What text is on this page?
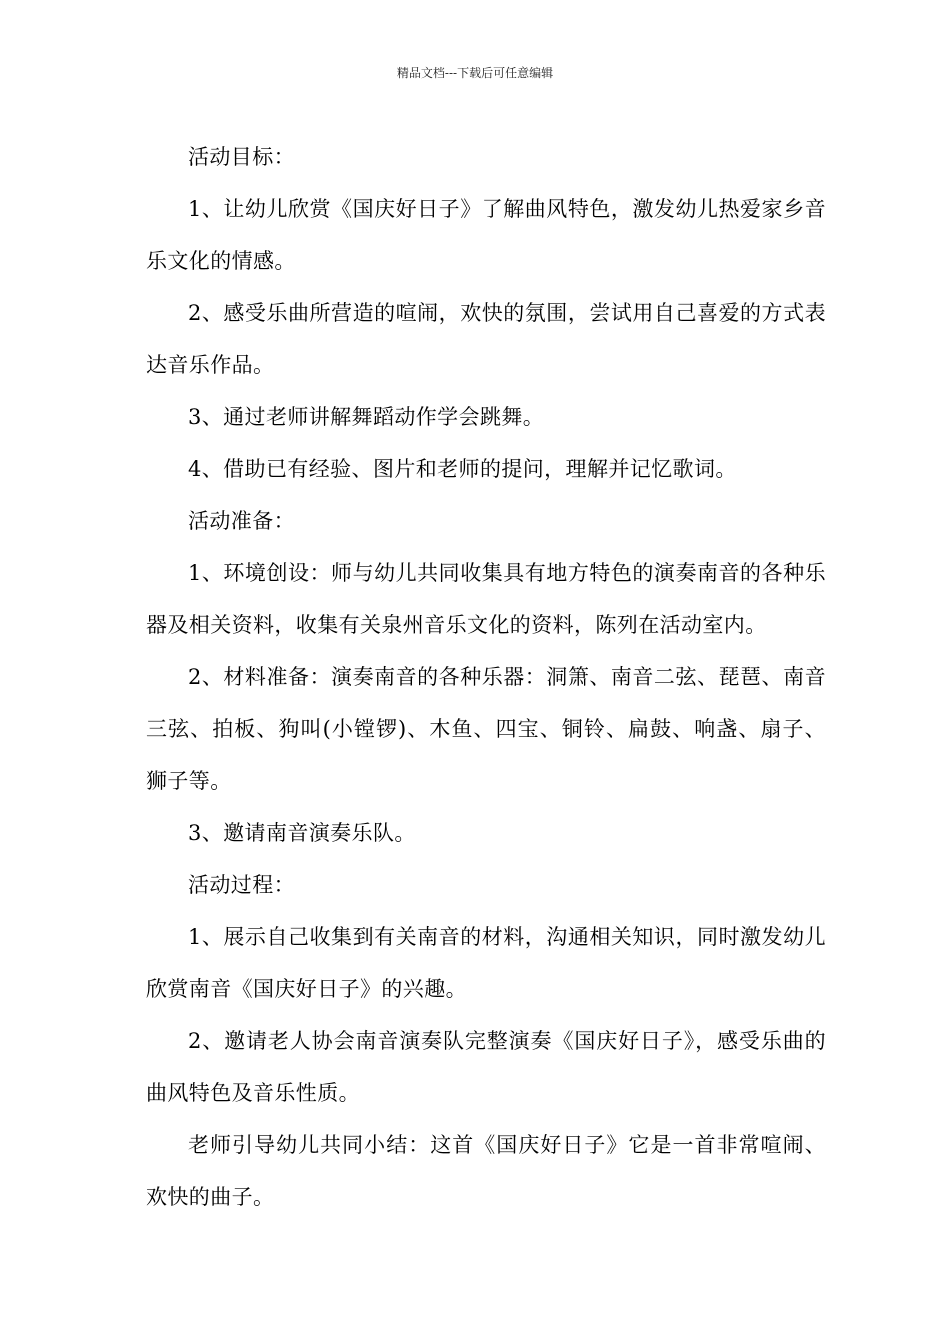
精品文档---下载后可任意编辑

活动目标：

1、让幼儿欣赏《国庆好日子》了解曲风特色，激发幼儿热爱家乡音乐文化的情感。

2、感受乐曲所营造的喧闹，欢快的氛围，尝试用自己喜爱的方式表达音乐作品。

3、通过老师讲解舞蹈动作学会跳舞。

4、借助已有经验、图片和老师的提问，理解并记忆歌词。

活动准备：

1、环境创设：师与幼儿共同收集具有地方特色的演奏南音的各种乐器及相关资料，收集有关泉州音乐文化的资料，陈列在活动室内。

2、材料准备：演奏南音的各种乐器：洞箫、南音二弦、琵琶、南音三弦、拍板、狗叫(小镗锣)、木鱼、四宝、铜铃、扁鼓、响盏、扇子、狮子等。

3、邀请南音演奏乐队。

活动过程：

1、展示自己收集到有关南音的材料，沟通相关知识，同时激发幼儿欣赏南音《国庆好日子》的兴趣。

2、邀请老人协会南音演奏队完整演奏《国庆好日子》，感受乐曲的曲风特色及音乐性质。

老师引导幼儿共同小结：这首《国庆好日子》它是一首非常喧闹、欢快的曲子。
